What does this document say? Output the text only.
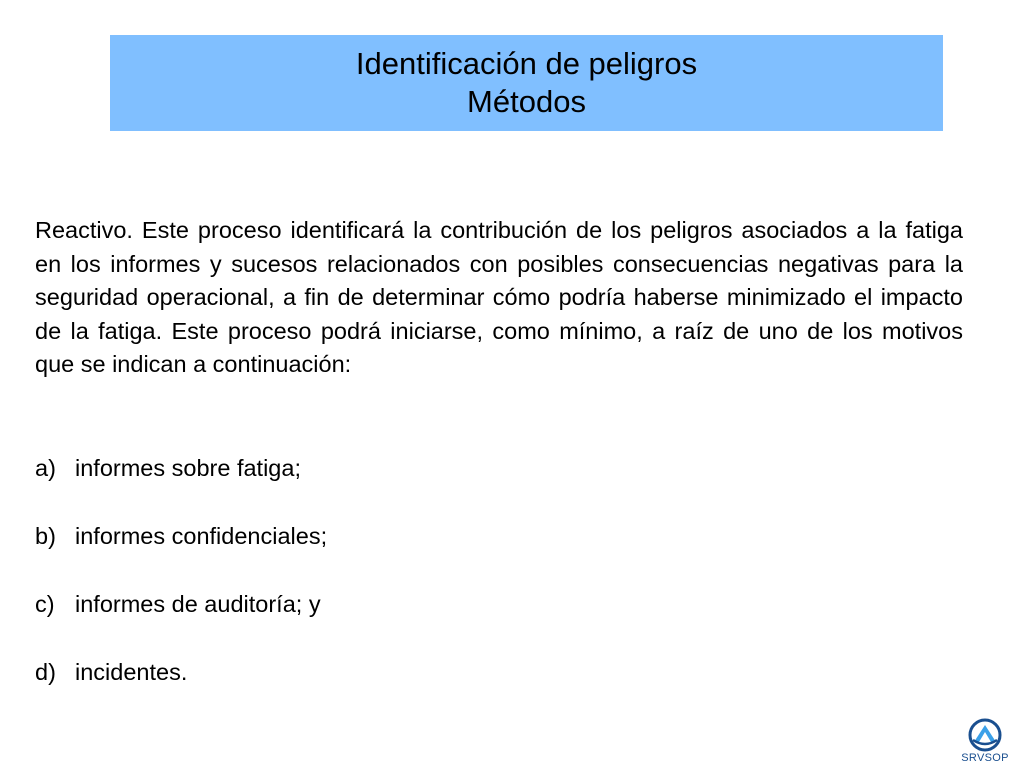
Identificación de peligros
Métodos
Reactivo. Este proceso identificará la contribución de los peligros asociados a la fatiga en los informes y sucesos relacionados con posibles consecuencias negativas para la seguridad operacional, a fin de determinar cómo podría haberse minimizado el impacto de la fatiga. Este proceso podrá iniciarse, como mínimo, a raíz de uno de los motivos que se indican a continuación:
a) informes sobre fatiga;
b) informes confidenciales;
c) informes de auditoría; y
d) incidentes.
SRVSOP
